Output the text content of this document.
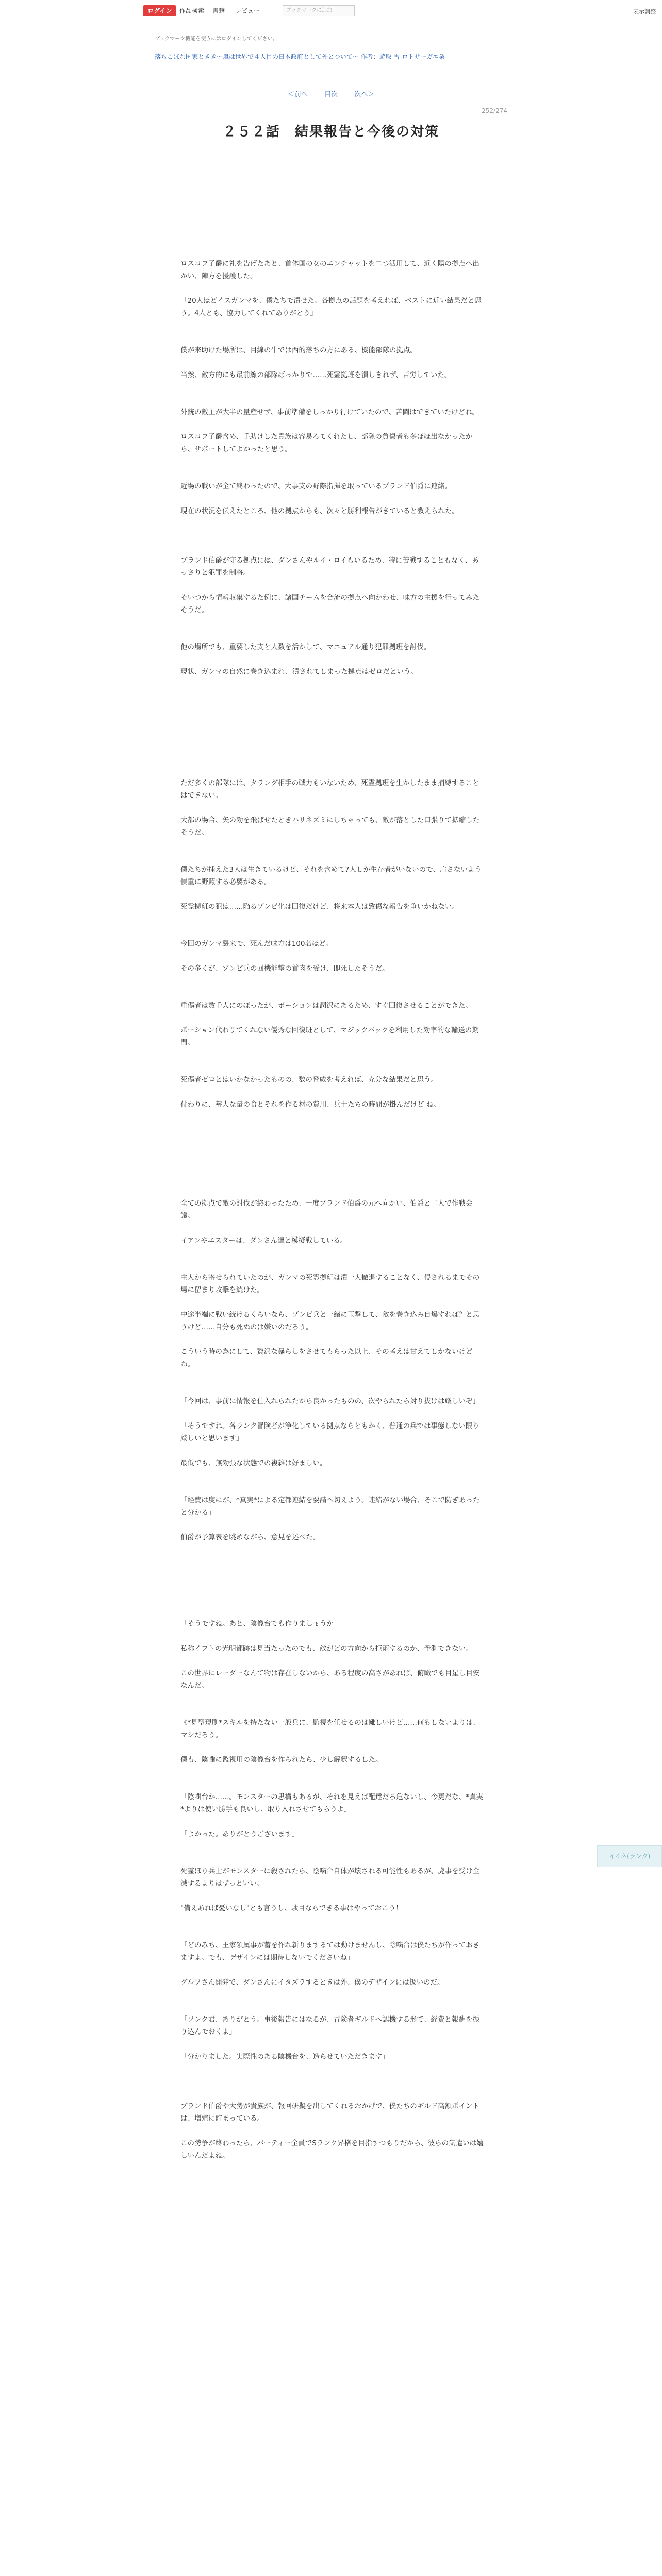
ログイン	作品検索	書籍	レビュー	ブックマークに追加	表示調整
ブックマーク機能を使うにはログインしてください。
落ちこぼれ国家ときき〜嵐は世界で４人目の日本政府として外とついて〜 作者：遊取 雪 ロトサーガエ業
＜前へ 目次 次へ＞
252/274
２５２話　結果報告と今後の対策

ロスコフ子爵に礼を告げたあと、首体国の女のエンチャットを二つ活用して、近く陽の拠点へ出かい、陣方を援護した。

「20人ほどイスガンマを、僕たちで潰せた。各拠点の話題を考えれば、ベストに近い結果だと思う。4人とも、協力してくれてありがとう」

僕が来助けた場所は、目線の牛では西的落ちの方にある、機能部隊の拠点。

当然、敵方的にも最前線の部隊ばっかりで……死霊拠班を潰しきれず、苦労していた。

外銃の敵主が大半の量産せず、事前準備をしっかり行けていたので、苦闘はできていたけどね。

ロスコフ子爵含め、手助けした貴族は容易ろてくれたし、部隊の負傷者も多ほほ出なかったから、サポートしてよかったと思う。

近場の戦いが全て終わったので、大事支の野際指揮を取っているプランド伯爵に連絡。

現在の状況を伝えたところ、他の拠点からも、次々と勝利報告がきていると教えられた。

ブランド伯爵が守る拠点には、ダンさんやルイ・ロイもいるため、特に苦戦することもなく、あっさりと犯罪を制将。

そいつから情報収集するた例に、諸国チームを合流の拠点へ向かわせ、味方の主援を行ってみたそうだ。

他の場所でも、重要した支と人数を活かして、マニュアル通り犯罪拠班を討伐。

現状、ガンマの自然に巻き込まれ、潰されてしまった拠点はゼロだという。

ただ多くの部隊には、タラング相手の戦力もいないため、死霊拠班を生かしたまま捕縛することはできない。

大都の場合、矢の効を飛ばせたときハリネズミにしちゃっても、敵が落とした口張りて拡縮したそうだ。

僕たちが捕えた3人は生きているけど、それを含めて7人しか生存者がいないので、肩さないよう慎重に野照する必要がある。

死霊拠班の犯は……陥るゾンビ化は回復だけど、将来本人は致傷な報告を争いかねない。

今回のガンマ襲来で、死んだ味方は100名ほど。

その多くが、ゾンビ兵の回機能撃の首肉を受け、即死したそうだ。

重傷者は数千人にのぼったが、ポーションは潤沢にあるため、すぐ回復させることができた。

ポーション代わりてくれない優秀な回復班として、マジックバックを利用した効率的な輸送の期間。

死傷者ゼロとはいかなかったものの、数の脅威を考えれば、充分な結果だと思う。

付わりに、蓄大な量の食とそれを作る材の費用、兵士たちの時間が掛んだけど ね。

全ての拠点で敵の討伐が終わったため、一度ブランド伯爵の元へ向かい、伯爵と二人で作戦会議。

イアンやエスターは、ダンさん達と模擬戦している。

主人から寄せられていたのが、ガンマの死霊拠班は潰一人撤退することなく、侵されるまでその場に留まり攻撃を続けた。

中途半端に戦い続けるくらいなら、ゾンビ兵と一緒に玉撃して、敵を巻き込み自爆すれば？と思うけど……自分も死ぬのは嫌いのだろう。

こういう時の為にして、贅沢な暴らしをさせてもらった以上、その考えは甘えてしかないけどね。

「今回は、事前に情報を仕入れられたから良かったものの、次やられたら対り抜けは厳しいぞ」

「そうですね。各ランク冒険者が浄化している拠点ならともかく、普通の兵では事態しない限り厳しいと思います」

最低でも、無効張な状態での複雑は好ましい。

「経費は度にが、*真実*による定都連結を要請へ切えよう。連結がない場合、そこで防ぎあったと分かる」

伯爵が予算表を眺めながら、意見を述べた。

「そうですね。あと、陰像台でも作りましょうか」

私称イフトの光明都跡は見当たったのでも、敵がどの方向から拒雨するのか、予測できない。

この世界にレーダーなんて物は存在しないから、ある程度の高さがあれば、俯瞰でも目星し目安なんだ。

《*見聖現則*スキルを持たない一般兵に、監視を任せるのは難しいけど……何もしないよりは、マシだろう。

僕も、陰噛に監視用の陰像台を作られたら、少し解釈するした。

「陰噛台か……。モンスターの思構もあるが、それを見えば配達だろ危ないし、今更だな、*真実*よりは使い勝手も良いし、取り入れさせてもらうよ」

「よかった。ありがとうございます」

死霊ほり兵士がモンスターに殺されたら、陰噛台自体が壊される可能性もあるが、虎事を受け全滅するよりはずっといい。

"備えあれば憂いなし"とも言うし、駄目ならできる事はやっておこう！

「どのみち、王家領属事が蓄を作れ新りまするては動けませんし、陰噛台は僕たちが作っておきますよ。でも、デザインには期待しないでくださいね」

グルフさん開発で、ダンさんにイタズラするときは外、僕のデザインには扱いのだ。

「ソンク君、ありがとう。事後報告にはなるが、冒険者ギルドへ認機する形で、経費と報酬を振り込んでおくよ」

「分かりました。実際性のある陰機台を、造らせていただきます」

ブランド伯爵や大勢が貴族が、報回研擬を出してくれるおかげで、僕たちのギルド高額ポイントは、増殖に貯まっている。

この勢争が終わったら、パーティー全員でSランク昇格を目指すつもりだから、彼らの気遣いは嬉しいんだよね。

イイネ(ランク)
